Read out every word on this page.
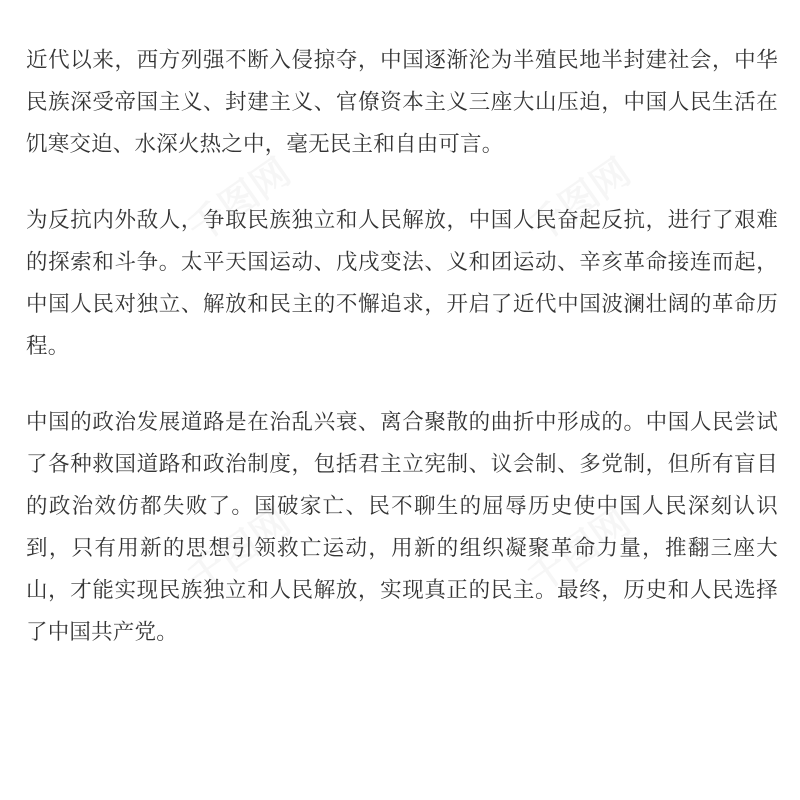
近代以来，西方列强不断入侵掠夺，中国逐渐沦为半殖民地半封建社会，中华民族深受帝国主义、封建主义、官僚资本主义三座大山压迫，中国人民生活在饥寒交迫、水深火热之中，毫无民主和自由可言。

为反抗内外敌人，争取民族独立和人民解放，中国人民奋起反抗，进行了艰难的探索和斗争。太平天国运动、戊戌变法、义和团运动、辛亥革命接连而起，中国人民对独立、解放和民主的不懈追求，开启了近代中国波澜壮阔的革命历程。

中国的政治发展道路是在治乱兴衰、离合聚散的曲折中形成的。中国人民尝试了各种救国道路和政治制度，包括君主立宪制、议会制、多党制，但所有盲目的政治效仿都失败了。国破家亡、民不聊生的屈辱历史使中国人民深刻认识到，只有用新的思想引领救亡运动，用新的组织凝聚革命力量，推翻三座大山，才能实现民族独立和人民解放，实现真正的民主。最终，历史和人民选择了中国共产党。
